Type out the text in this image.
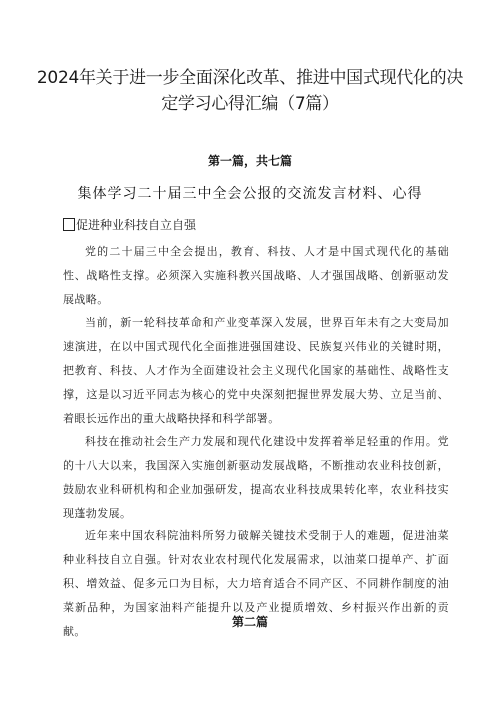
2024年关于进一步全面深化改革、推进中国式现代化的决
定学习心得汇编（7篇）
第一篇，共七篇
集体学习二十届三中全会公报的交流发言材料、心得
促进种业科技自立自强
党的二十届三中全会提出，教育、科技、人才是中国式现代化的基础性、战略性支撑。必须深入实施科教兴国战略、人才强国战略、创新驱动发展战略。
当前，新一轮科技革命和产业变革深入发展，世界百年未有之大变局加速演进，在以中国式现代化全面推进强国建设、民族复兴伟业的关键时期，把教育、科技、人才作为全面建设社会主义现代化国家的基础性、战略性支撑，这是以习近平同志为核心的党中央深刻把握世界发展大势、立足当前、着眼长远作出的重大战略抉择和科学部署。
科技在推动社会生产力发展和现代化建设中发挥着举足轻重的作用。党的十八大以来，我国深入实施创新驱动发展战略，不断推动农业科技创新，鼓励农业科研机构和企业加强研发，提高农业科技成果转化率，农业科技实现蓬勃发展。
近年来中国农科院油料所努力破解关键技术受制于人的难题，促进油菜种业科技自立自强。针对农业农村现代化发展需求，以油菜口提单产、扩面积、增效益、促多元口为目标，大力培育适合不同产区、不同耕作制度的油菜新品种，为国家油料产能提升以及产业提质增效、乡村振兴作出新的贡献。
第二篇
